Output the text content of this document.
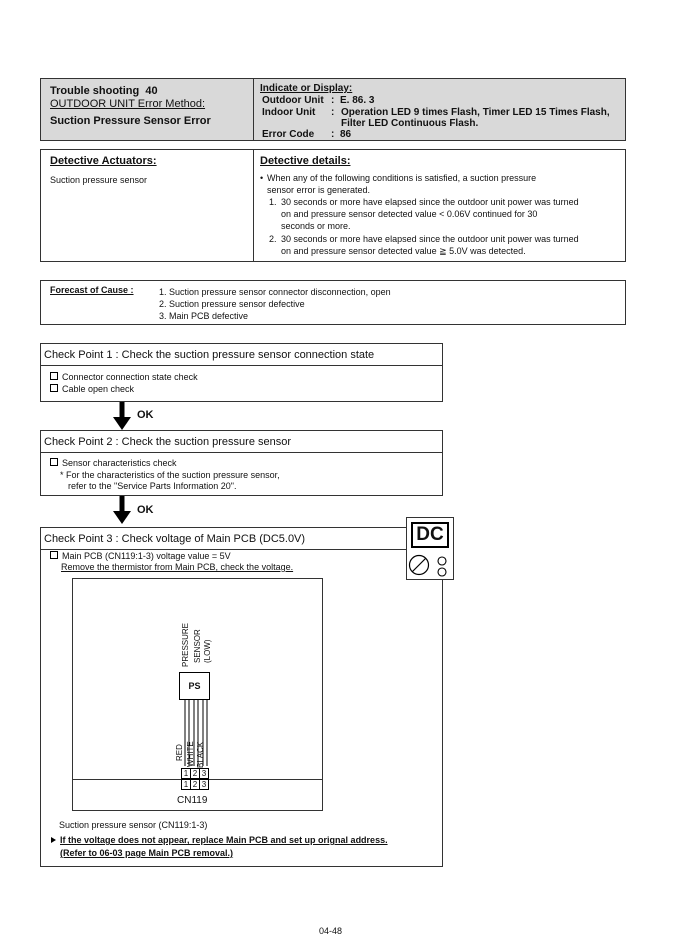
Trouble shooting  40
OUTDOOR UNIT Error Method:
Suction Pressure Sensor Error
Indicate or Display:
Outdoor Unit : E. 86. 3
Indoor Unit : Operation LED 9 times Flash, Timer LED 15 Times Flash,
Filter LED Continuous Flash.
Error Code : 86
Detective Actuators:
Suction pressure sensor
Detective details:
• When any of the following conditions is satisfied, a suction pressure
sensor error is generated.
1. 30 seconds or more have elapsed since the outdoor unit power was turned
on and pressure sensor detected value < 0.06V continued for 30
seconds or more.
2. 30 seconds or more have elapsed since the outdoor unit power was turned
on and pressure sensor detected value ≧ 5.0V was detected.
Forecast of Cause :	1. Suction pressure sensor connector disconnection, open
2. Suction pressure sensor defective
3. Main PCB defective
Check Point 1 : Check the suction pressure sensor connection state
Connector connection state check
Cable open check
OK
Check Point 2 : Check the suction pressure sensor
Sensor characteristics check
* For the characteristics of the suction pressure sensor,
refer to the "Service Parts Information 20".
OK
Check Point 3 : Check voltage of Main PCB (DC5.0V)
Main PCB (CN119:1-3) voltage value = 5V
Remove the thermistor from Main PCB, check the voltage.
PRESSURE SENSOR (LOW)
PS
RED WHITE BLACK
1 2 3
1 2 3
CN119
Suction pressure sensor (CN119:1-3)
If the voltage does not appear, replace Main PCB and set up orignal address.
(Refer to 06-03 page Main PCB removal.)
DC
04-48
